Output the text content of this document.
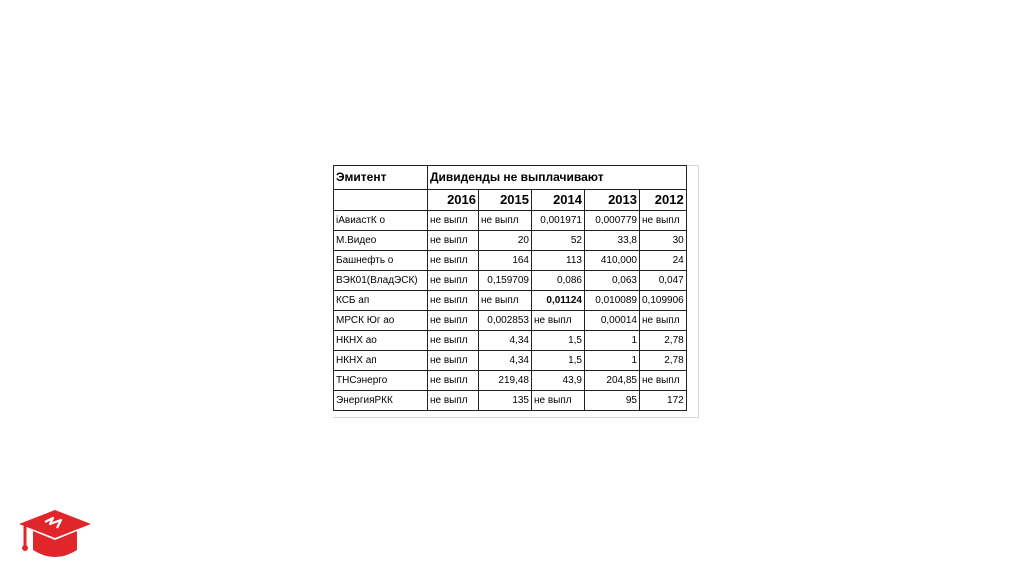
Эмитент	Дивиденды не выплачивают				
	2016	2015	2014	2013	2012
iАвиастК о	не выпл	не выпл	0,001971	0,000779	не выпл
М.Видео	не выпл	20	52	33,8	30
Башнефть о	не выпл	164	113	410,000	24
ВЭК01(ВладЭСК)	не выпл	0,159709	0,086	0,063	0,047
КСБ ап	не выпл	не выпл	0,01124	0,010089	0,109906
МРСК Юг ао	не выпл	0,002853	не выпл	0,00014	не выпл
НКНХ ао	не выпл	4,34	1,5	1	2,78
НКНХ ап	не выпл	4,34	1,5	1	2,78
ТНСэнерго	не выпл	219,48	43,9	204,85	не выпл
ЭнергияРКК	не выпл	135	не выпл	95	172
